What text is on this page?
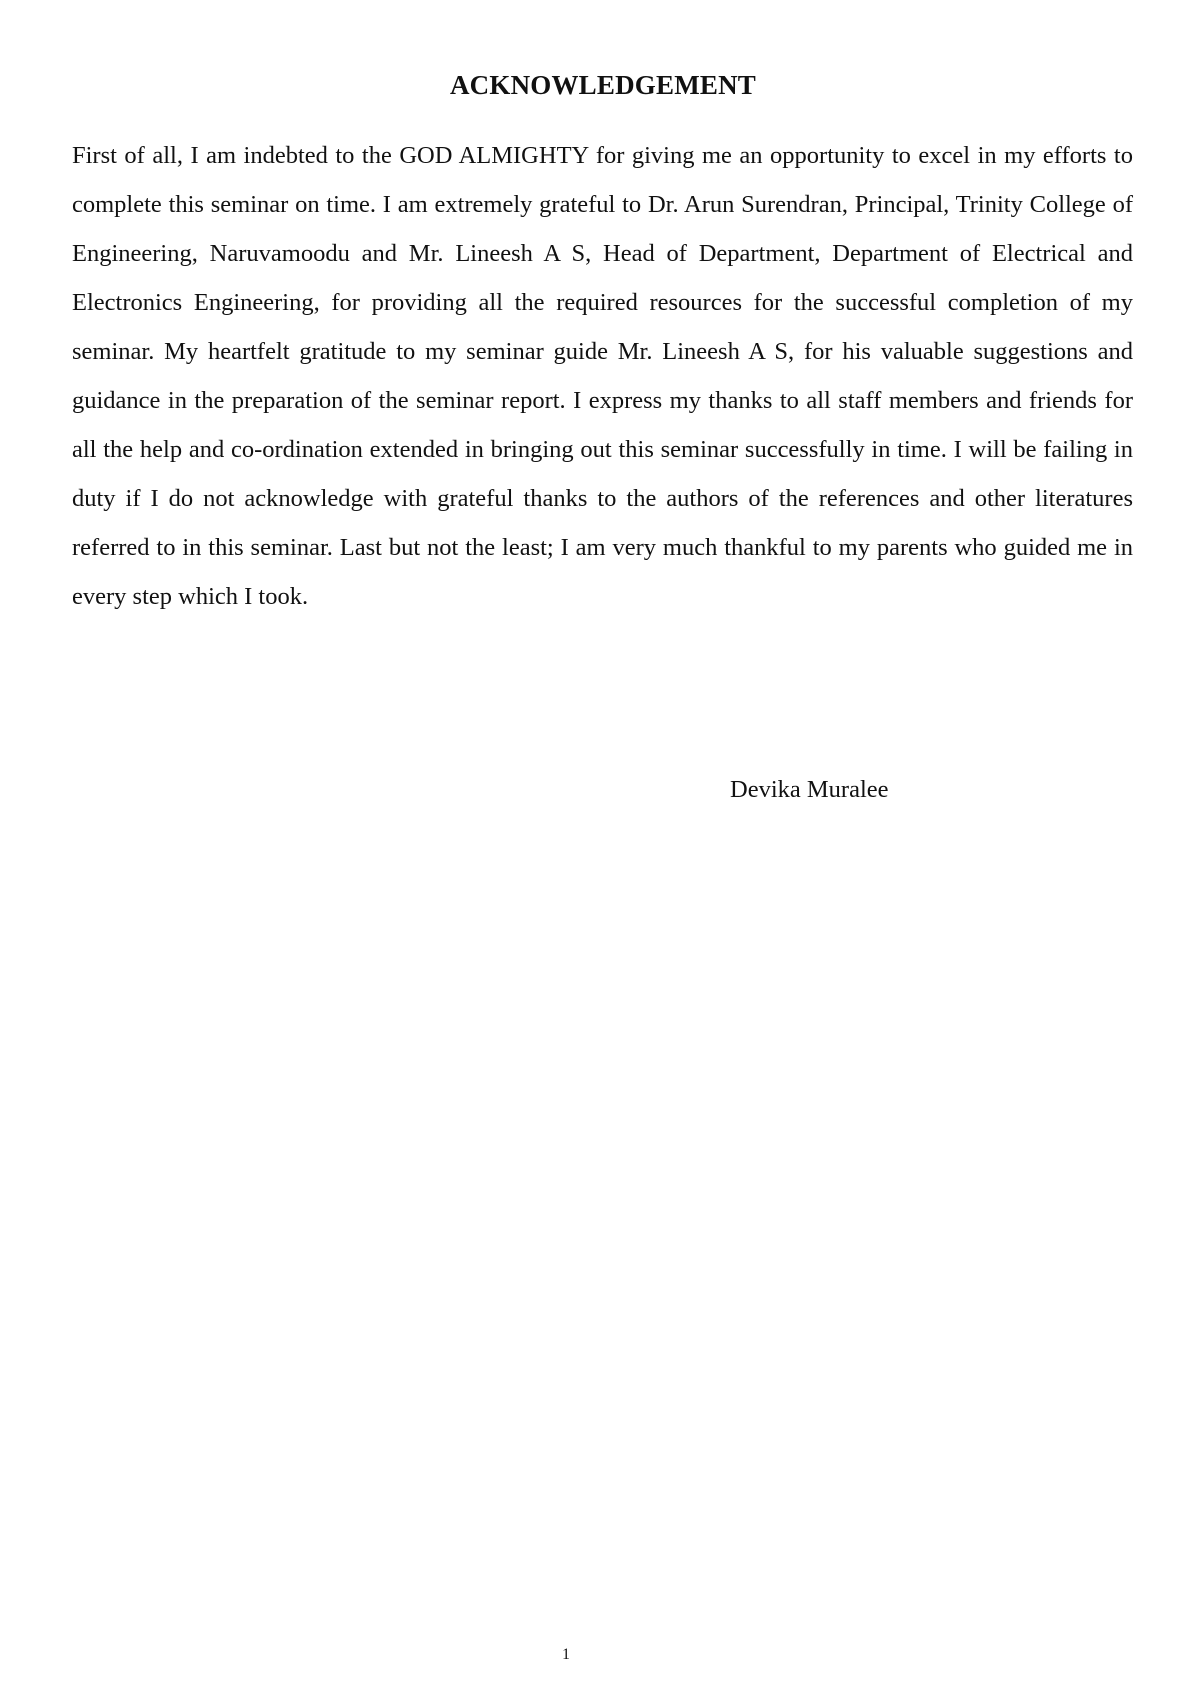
ACKNOWLEDGEMENT

First of all, I am indebted to the GOD ALMIGHTY for giving me an opportunity to excel in my efforts to complete this seminar on time. I am extremely grateful to Dr. Arun Surendran, Principal, Trinity College of Engineering, Naruvamoodu and Mr. Lineesh A S, Head of Department, Department of Electrical and Electronics Engineering, for providing all the required resources for the successful completion of my seminar. My heartfelt gratitude to my seminar guide Mr. Lineesh A S, for his valuable suggestions and guidance in the preparation of the seminar report. I express my thanks to all staff members and friends for all the help and co-ordination extended in bringing out this seminar successfully in time. I will be failing in duty if I do not acknowledge with grateful thanks to the authors of the references and other literatures referred to in this seminar. Last but not the least; I am very much thankful to my parents who guided me in every step which I took.

Devika Muralee

1
